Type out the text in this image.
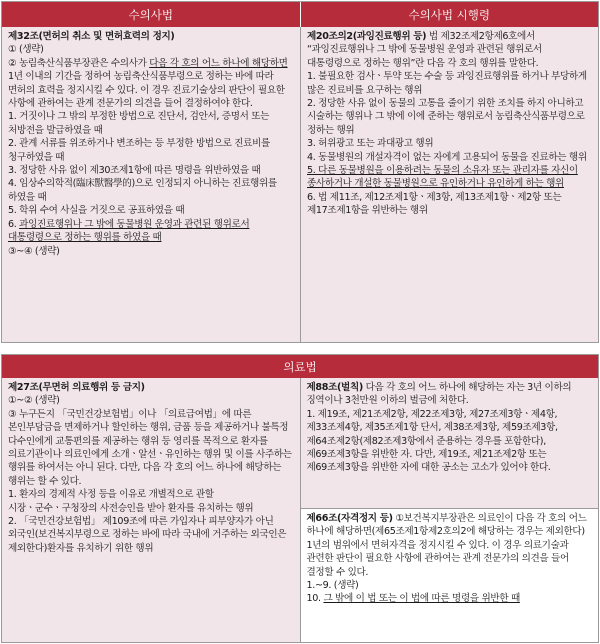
수의사법	수의사법 시행령
제32조(면허의 취소 및 면허효력의 정지)
① (생략)
② 농림축산식품부장관은 수의사가 다음 각 호의 어느 하나에 해당하면 1년 이내의 기간을 정하여 농림축산식품부령으로 정하는 바에 따라 면허의 효력을 정지시킬 수 있다. 이 경우 진료기술상의 판단이 필요한 사항에 관하여는 관계 전문가의 의견을 들어 결정하여야 한다.
1. 거짓이나 그 밖의 부정한 방법으로 진단서, 검안서, 증명서 또는 처방전을 발급하였을 때
2. 관계 서류를 위조하거나 변조하는 등 부정한 방법으로 진료비를 청구하였을 때
3. 정당한 사유 없이 제30조제1항에 따른 명령을 위반하였을 때
4. 임상수의학적(臨床獸醫學的)으로 인정되지 아니하는 진료행위를 하였을 때
5. 학위 수여 사실을 거짓으로 공표하였을 때
6. 과잉진료행위나 그 밖에 동물병원 운영과 관련된 행위로서 대통령령으로 정하는 행위를 하였을 때
③~④ (생략)
제20조의2(과잉진료행위 등) 법 제32조제2항제6호에서 “과잉진료행위나 그 밖에 동물병원 운영과 관련된 행위로서 대통령령으로 정하는 행위”란 다음 각 호의 행위를 말한다.
1. 불필요한 검사ㆍ투약 또는 수술 등 과잉진료행위를 하거나 부당하게 많은 진료비를 요구하는 행위
2. 정당한 사유 없이 동물의 고통을 줄이기 위한 조치를 하지 아니하고 시술하는 행위나 그 밖에 이에 준하는 행위로서 농림축산식품부령으로 정하는 행위
3. 허위광고 또는 과대광고 행위
4. 동물병원의 개설자격이 없는 자에게 고용되어 동물을 진료하는 행위
5. 다른 동물병원을 이용하려는 동물의 소유자 또는 관리자를 자신이 종사하거나 개설한 동물병원으로 유인하거나 유인하게 하는 행위
6. 법 제11조, 제12조제1항ㆍ제3항, 제13조제1항ㆍ제2항 또는 제17조제1항을 위반하는 행위
의료법
제27조(무면허 의료행위 등 금지)
①~② (생략)
③ 누구든지 「국민건강보험법」이나 「의료급여법」에 따른 본인부담금을 면제하거나 할인하는 행위, 금품 등을 제공하거나 불특정 다수인에게 교통편의를 제공하는 행위 등 영리를 목적으로 환자를 의료기관이나 의료인에게 소개ㆍ알선ㆍ유인하는 행위 및 이를 사주하는 행위를 하여서는 아니 된다. 다만, 다음 각 호의 어느 하나에 해당하는 행위는 할 수 있다.
1. 환자의 경제적 사정 등을 이유로 개별적으로 관할 시장ㆍ군수ㆍ구청장의 사전승인을 받아 환자를 유치하는 행위
2. 「국민건강보험법」 제109조에 따른 가입자나 피부양자가 아닌 외국인(보건복지부령으로 정하는 바에 따라 국내에 거주하는 외국인은 제외한다)환자를 유치하기 위한 행위
제88조(벌칙) 다음 각 호의 어느 하나에 해당하는 자는 3년 이하의 징역이나 3천만원 이하의 벌금에 처한다.
1. 제19조, 제21조제2항, 제22조제3항, 제27조제3항ㆍ제4항, 제33조제4항, 제35조제1항 단서, 제38조제3항, 제59조제3항, 제64조제2항(제82조제3항에서 준용하는 경우를 포함한다), 제69조제3항을 위반한 자. 다만, 제19조, 제21조제2항 또는 제69조제3항을 위반한 자에 대한 공소는 고소가 있어야 한다.
제66조(자격정지 등) ①보건복지부장관은 의료인이 다음 각 호의 어느 하나에 해당하면(제65조제1항제2호의2에 해당하는 경우는 제외한다) 1년의 범위에서 면허자격을 정지시킬 수 있다. 이 경우 의료기술과 관련한 판단이 필요한 사항에 관하여는 관계 전문가의 의견을 들어 결정할 수 있다.
1.~9. (생략)
10. 그 밖에 이 법 또는 이 법에 따른 명령을 위반한 때
